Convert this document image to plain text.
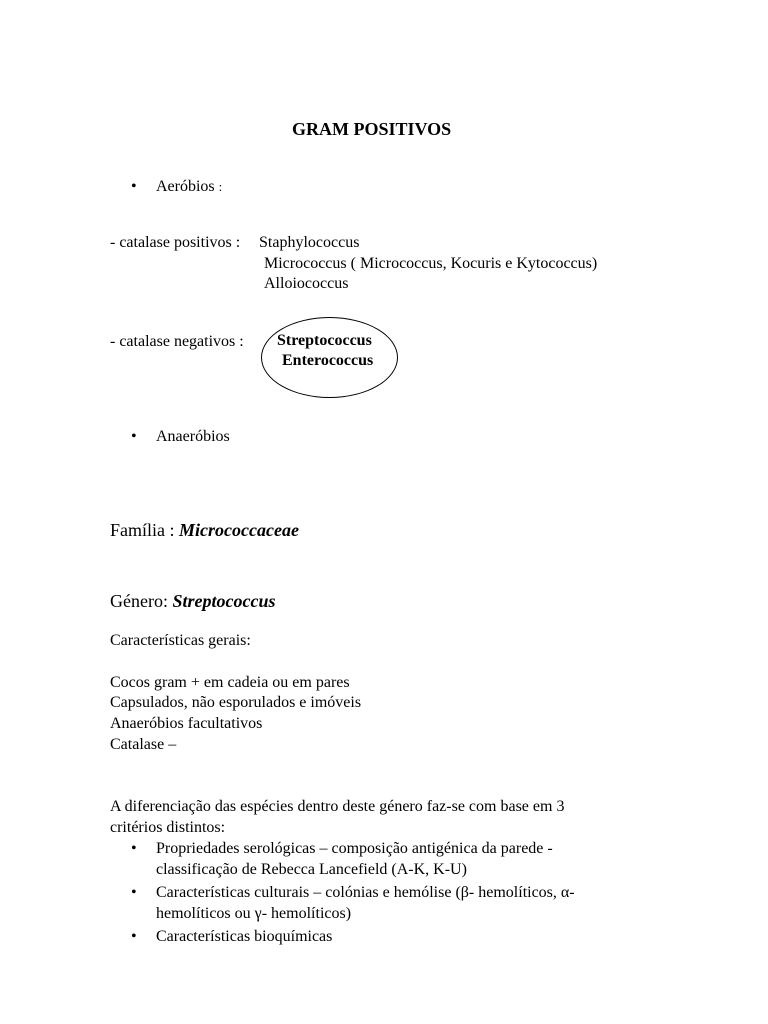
GRAM POSITIVOS
• Aeróbios :
- catalase positivos : Staphylococcus
Micrococcus ( Micrococcus, Kocuris e Kytococcus)
Alloiococcus
- catalase negativos : Streptococcus
Enterococcus
• Anaeróbios
Família : Micrococcaceae
Género: Streptococcus
Características gerais:
Cocos gram + em cadeia ou em pares
Capsulados, não esporulados e imóveis
Anaeróbios facultativos
Catalase –
A diferenciação das espécies dentro deste género faz-se com base em 3
critérios distintos:
• Propriedades serológicas – composição antigénica da parede -
classificação de Rebecca Lancefield (A-K, K-U)
• Características culturais – colónias e hemólise (β- hemolíticos, α-
hemolíticos ou γ- hemolíticos)
• Características bioquímicas
